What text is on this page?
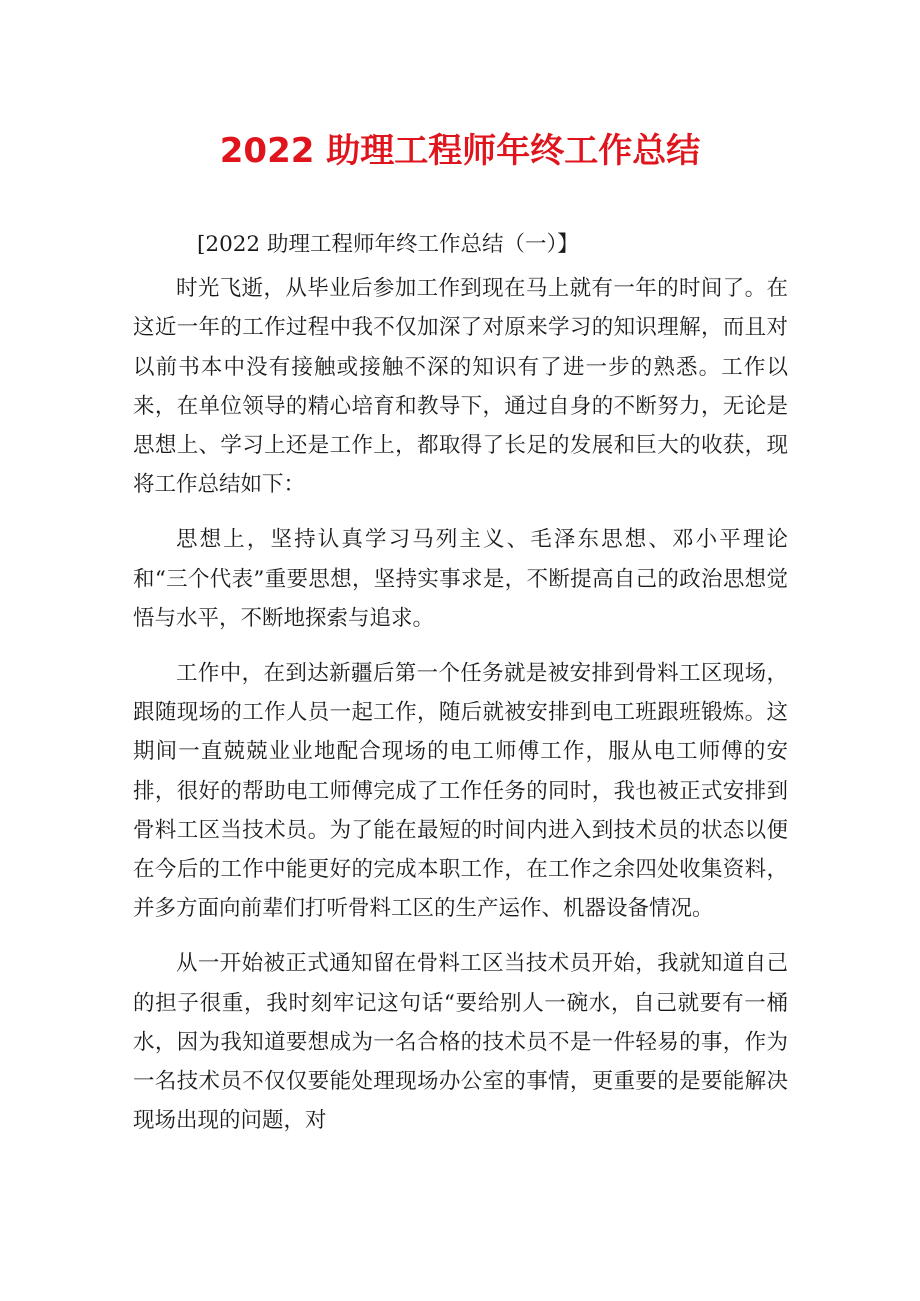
2022 助理工程师年终工作总结

[2022 助理工程师年终工作总结（一）】

时光飞逝，从毕业后参加工作到现在马上就有一年的时间了。在这近一年的工作过程中我不仅加深了对原来学习的知识理解，而且对以前书本中没有接触或接触不深的知识有了进一步的熟悉。工作以来，在单位领导的精心培育和教导下，通过自身的不断努力，无论是思想上、学习上还是工作上，都取得了长足的发展和巨大的收获，现将工作总结如下：

思想上，坚持认真学习马列主义、毛泽东思想、邓小平理论和“三个代表”重要思想，坚持实事求是，不断提高自己的政治思想觉悟与水平，不断地探索与追求。

工作中，在到达新疆后第一个任务就是被安排到骨料工区现场，跟随现场的工作人员一起工作，随后就被安排到电工班跟班锻炼。这期间一直兢兢业业地配合现场的电工师傅工作，服从电工师傅的安排，很好的帮助电工师傅完成了工作任务的同时，我也被正式安排到骨料工区当技术员。为了能在最短的时间内进入到技术员的状态以便在今后的工作中能更好的完成本职工作，在工作之余四处收集资料，并多方面向前辈们打听骨料工区的生产运作、机器设备情况。

从一开始被正式通知留在骨料工区当技术员开始，我就知道自己的担子很重，我时刻牢记这句话“要给别人一碗水，自己就要有一桶水，因为我知道要想成为一名合格的技术员不是一件轻易的事，作为一名技术员不仅仅要能处理现场办公室的事情，更重要的是要能解决现场出现的问题，对
